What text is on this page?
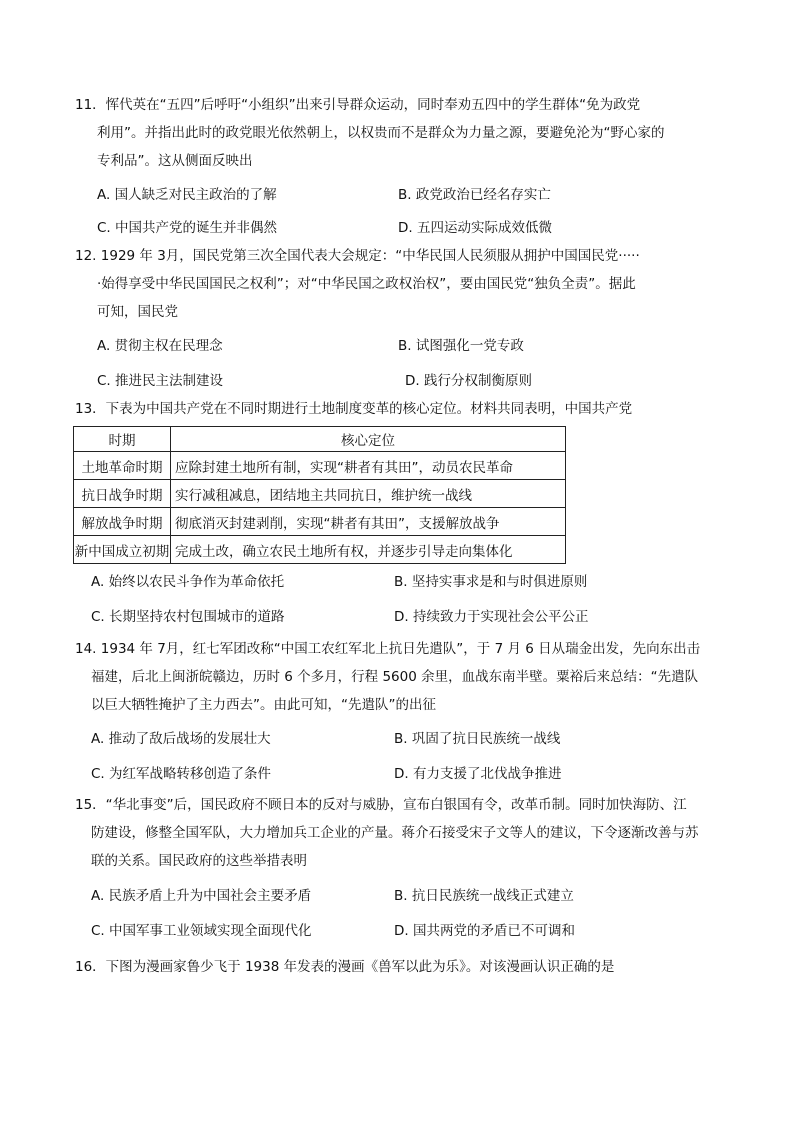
11．恽代英在“五四”后呼吁“小组织”出来引导群众运动，同时奉劝五四中的学生群体“免为政党
利用”。并指出此时的政党眼光依然朝上，以权贵而不是群众为力量之源，要避免沦为“野心家的
专利品”。这从侧面反映出
A. 国人缺乏对民主政治的了解	B. 政党政治已经名存实亡
C. 中国共产党的诞生并非偶然	D. 五四运动实际成效低微
12. 1929 年 3月，国民党第三次全国代表大会规定：“中华民国人民须服从拥护中国国民党·····
·始得享受中华民国国民之权利”；对“中华民国之政权治权”，要由国民党“独负全责”。据此
可知，国民党
A. 贯彻主权在民理念	B. 试图强化一党专政
C. 推进民主法制建设	D. 践行分权制衡原则
13．下表为中国共产党在不同时期进行土地制度变革的核心定位。材料共同表明，中国共产党
时期	核心定位
土地革命时期	应除封建土地所有制，实现“耕者有其田”，动员农民革命
抗日战争时期	实行减租减息，团结地主共同抗日，维护统一战线
解放战争时期	彻底消灭封建剥削，实现“耕者有其田”，支援解放战争
新中国成立初期	完成土改，确立农民土地所有权，并逐步引导走向集体化
A. 始终以农民斗争作为革命依托	B. 坚持实事求是和与时俱进原则
C. 长期坚持农村包围城市的道路	D. 持续致力于实现社会公平公正
14. 1934 年 7月，红七军团改称“中国工农红军北上抗日先遣队”，于 7 月 6 日从瑞金出发，先向东出击
福建，后北上闽浙皖赣边，历时 6 个多月，行程 5600 余里，血战东南半壁。粟裕后来总结：“先遣队
以巨大牺牲掩护了主力西去”。由此可知，“先遣队”的出征
A. 推动了敌后战场的发展壮大	B. 巩固了抗日民族统一战线
C. 为红军战略转移创造了条件	D. 有力支援了北伐战争推进
15．“华北事变”后，国民政府不顾日本的反对与威胁，宣布白银国有令，改革币制。同时加快海防、江
防建设，修整全国军队，大力增加兵工企业的产量。蒋介石接受宋子文等人的建议，下令逐渐改善与苏
联的关系。国民政府的这些举措表明
A. 民族矛盾上升为中国社会主要矛盾	B. 抗日民族统一战线正式建立
C. 中国军事工业领域实现全面现代化	D. 国共两党的矛盾已不可调和
16．下图为漫画家鲁少飞于 1938 年发表的漫画《兽军以此为乐》。对该漫画认识正确的是
